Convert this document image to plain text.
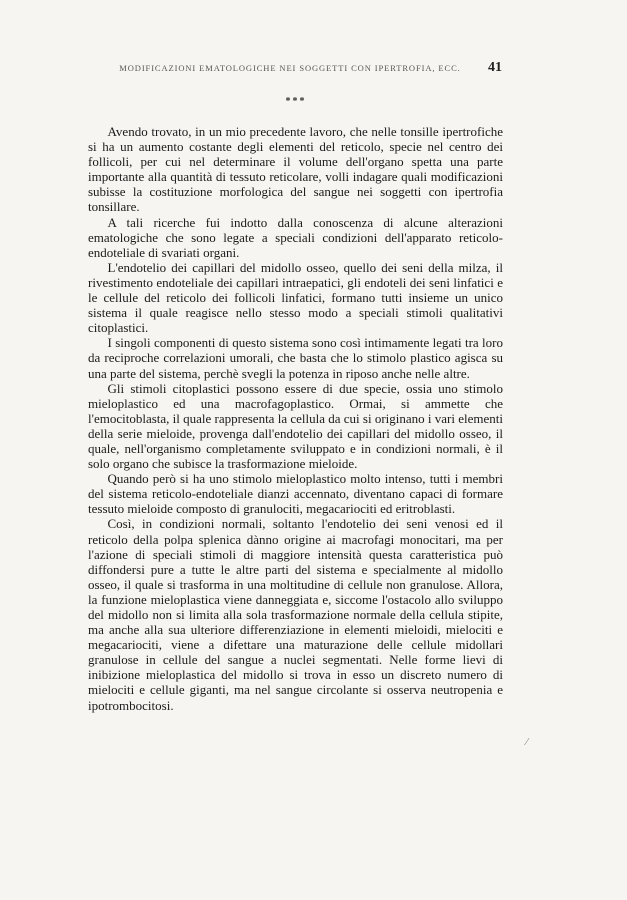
MODIFICAZIONI EMATOLOGICHE NEI SOGGETTI CON IPERTROFIA, ECC.	41
***

Avendo trovato, in un mio precedente lavoro, che nelle tonsille ipertrofiche si ha un aumento costante degli elementi del reticolo, specie nel centro dei follicoli, per cui nel determinare il volume dell'organo spetta una parte importante alla quantità di tessuto reticolare, volli indagare quali modificazioni subisse la costituzione morfologica del sangue nei soggetti con ipertrofia tonsillare.

A tali ricerche fui indotto dalla conoscenza di alcune alterazioni ematologiche che sono legate a speciali condizioni dell'apparato reticolo-endoteliale di svariati organi.

L'endotelio dei capillari del midollo osseo, quello dei seni della milza, il rivestimento endoteliale dei capillari intraepatici, gli endoteli dei seni linfatici e le cellule del reticolo dei follicoli linfatici, formano tutti insieme un unico sistema il quale reagisce nello stesso modo a speciali stimoli qualitativi citoplastici.

I singoli componenti di questo sistema sono così intimamente legati tra loro da reciproche correlazioni umorali, che basta che lo stimolo plastico agisca su una parte del sistema, perchè svegli la potenza in riposo anche nelle altre.

Gli stimoli citoplastici possono essere di due specie, ossia uno stimolo mieloplastico ed una macrofagoplastico. Ormai, si ammette che l'emocitoblasta, il quale rappresenta la cellula da cui si originano i vari elementi della serie mieloide, provenga dall'endotelio dei capillari del midollo osseo, il quale, nell'organismo completamente sviluppato e in condizioni normali, è il solo organo che subisce la trasformazione mieloide.

Quando però si ha uno stimolo mieloplastico molto intenso, tutti i membri del sistema reticolo-endoteliale dianzi accennato, diventano capaci di formare tessuto mieloide composto di granulociti, megacariociti ed eritroblasti.

Così, in condizioni normali, soltanto l'endotelio dei seni venosi ed il reticolo della polpa splenica dànno origine ai macrofagi monocitari, ma per l'azione di speciali stimoli di maggiore intensità questa caratteristica può diffondersi pure a tutte le altre parti del sistema e specialmente al midollo osseo, il quale si trasforma in una moltitudine di cellule non granulose. Allora, la funzione mieloplastica viene danneggiata e, siccome l'ostacolo allo sviluppo del midollo non si limita alla sola trasformazione normale della cellula stipite, ma anche alla sua ulteriore differenziazione in elementi mieloidi, mielociti e megacariociti, viene a difettare una maturazione delle cellule midollari granulose in cellule del sangue a nuclei segmentati. Nelle forme lievi di inibizione mieloplastica del midollo si trova in esso un discreto numero di mielociti e cellule giganti, ma nel sangue circolante si osserva neutropenia e ipotrombocitosi.

⁄
